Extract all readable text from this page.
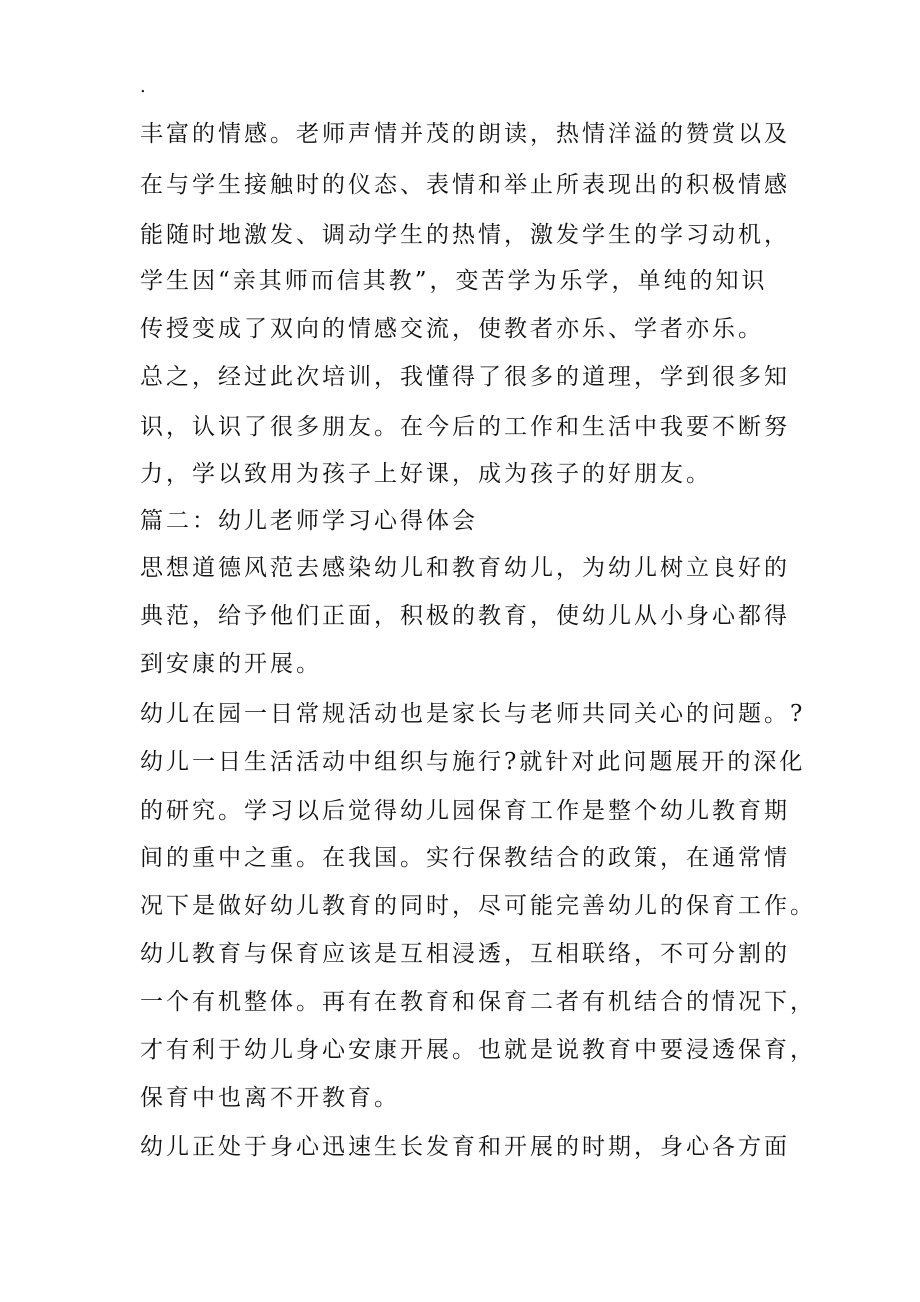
.
丰富的情感。老师声情并茂的朗读，热情洋溢的赞赏以及
在与学生接触时的仪态、表情和举止所表现出的积极情感
能随时地激发、调动学生的热情，激发学生的学习动机，
学生因“亲其师而信其教”，变苦学为乐学，单纯的知识
传授变成了双向的情感交流，使教者亦乐、学者亦乐。
总之，经过此次培训，我懂得了很多的道理，学到很多知
识，认识了很多朋友。在今后的工作和生活中我要不断努
力，学以致用为孩子上好课，成为孩子的好朋友。
篇二：幼儿老师学习心得体会
思想道德风范去感染幼儿和教育幼儿，为幼儿树立良好的
典范，给予他们正面，积极的教育，使幼儿从小身心都得
到安康的开展。
幼儿在园一日常规活动也是家长与老师共同关心的问题。?
幼儿一日生活活动中组织与施行?就针对此问题展开的深化
的研究。学习以后觉得幼儿园保育工作是整个幼儿教育期
间的重中之重。在我国。实行保教结合的政策，在通常情
况下是做好幼儿教育的同时，尽可能完善幼儿的保育工作。
幼儿教育与保育应该是互相浸透，互相联络，不可分割的
一个有机整体。再有在教育和保育二者有机结合的情况下，
才有利于幼儿身心安康开展。也就是说教育中要浸透保育，
保育中也离不开教育。
幼儿正处于身心迅速生长发育和开展的时期，身心各方面
